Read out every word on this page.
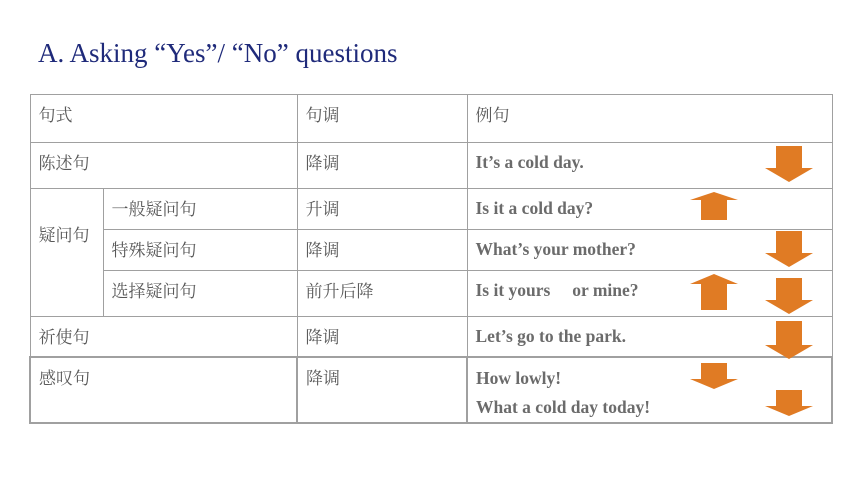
A. Asking “Yes”/ “No” questions
句式		句调	例句
陈述句		降调	It’s a cold day.

疑问句	一般疑问句	升调	Is it a cold day?

	特殊疑问句	降调	What’s your mother?

	选择疑问句	前升后降	Is it yours     or mine?

祈使句		降调	Let’s go to the park.

感叹句		降调	How lowly!
What a cold day today!
